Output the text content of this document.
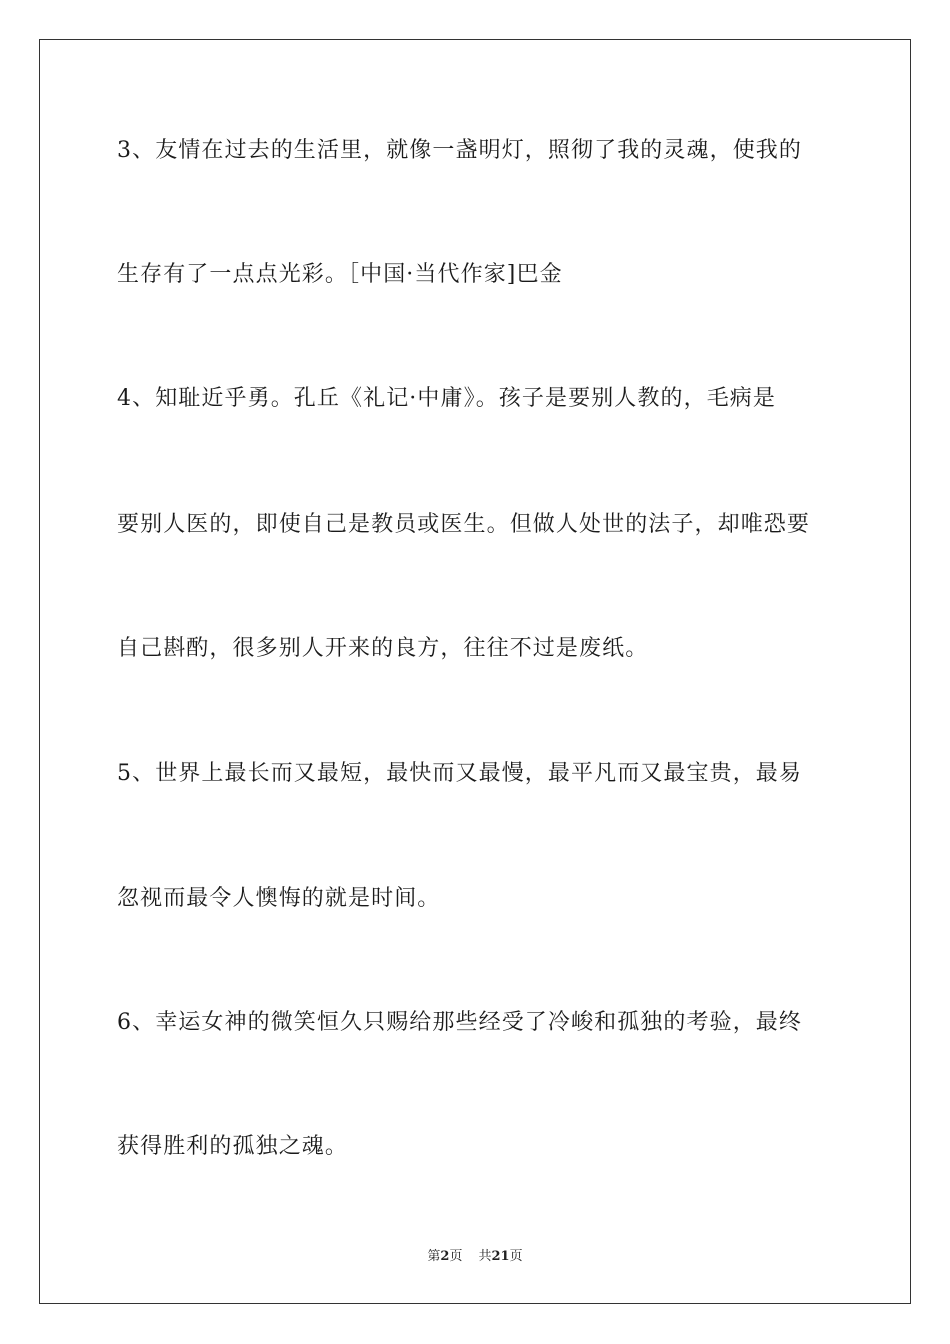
3、友情在过去的生活里，就像一盏明灯，照彻了我的灵魂，使我的
生存有了一点点光彩。［中国·当代作家]巴金
4、知耻近乎勇。孔丘《礼记·中庸》。孩子是要别人教的，毛病是
要别人医的，即使自己是教员或医生。但做人处世的法子，却唯恐要
自己斟酌，很多别人开来的良方，往往不过是废纸。
5、世界上最长而又最短，最快而又最慢，最平凡而又最宝贵，最易
忽视而最令人懊悔的就是时间。
6、幸运女神的微笑恒久只赐给那些经受了冷峻和孤独的考验，最终
获得胜利的孤独之魂。
第2页 共21页
